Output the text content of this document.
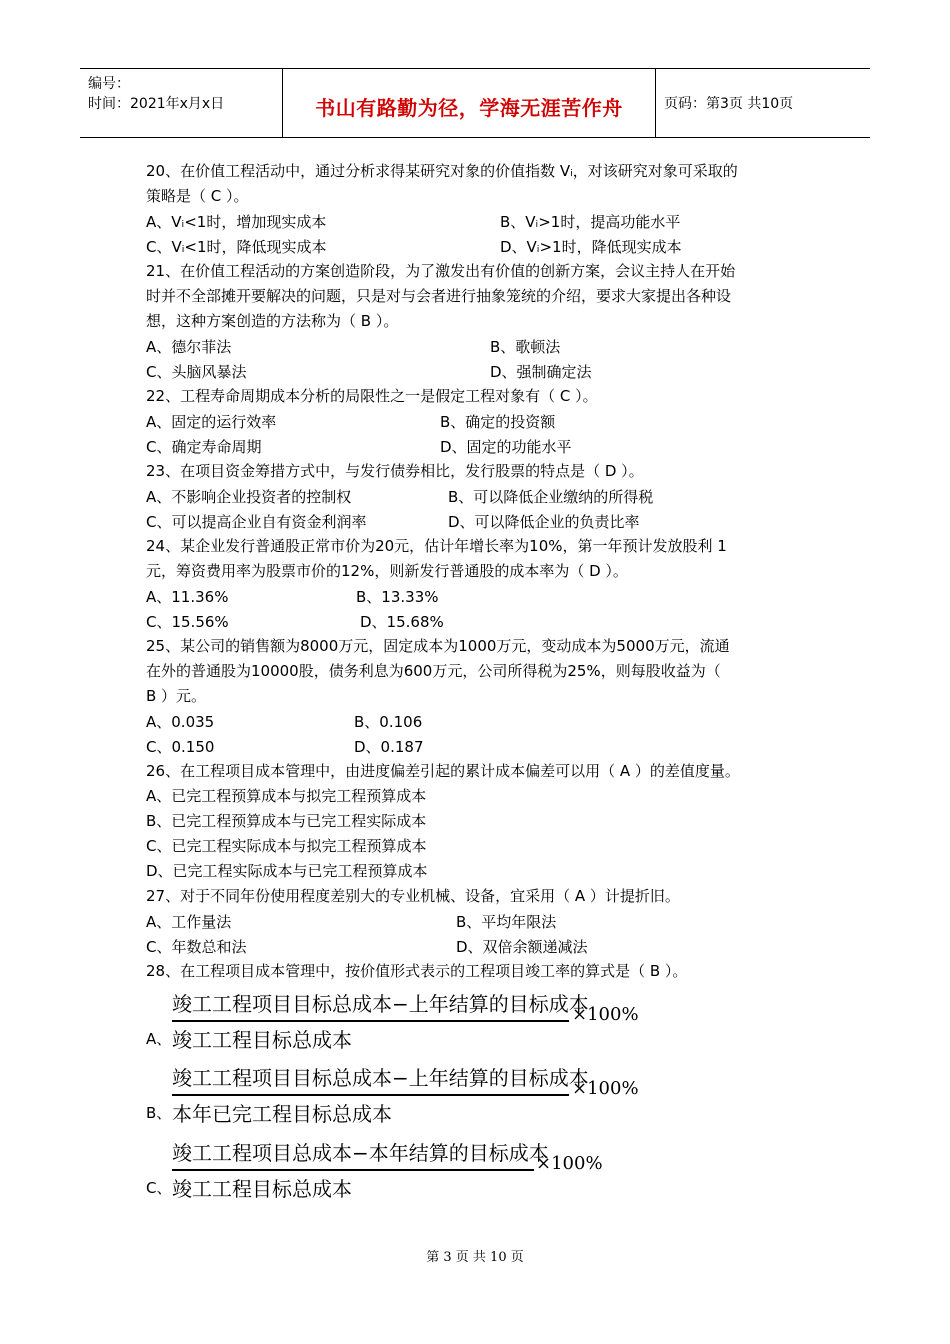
编号：
时间：2021年x月x日	书山有路勤为径，学海无涯苦作舟	页码：第3页 共10页
20、在价值工程活动中，通过分析求得某研究对象的价值指数 Vᵢ，对该研究对象可采取的
策略是（ C ）。
A、Vᵢ<1时，增加现实成本	B、Vᵢ>1时，提高功能水平
C、Vᵢ<1时，降低现实成本	D、Vᵢ>1时，降低现实成本
21、在价值工程活动的方案创造阶段，为了激发出有价值的创新方案，会议主持人在开始
时并不全部摊开要解决的问题，只是对与会者进行抽象笼统的介绍，要求大家提出各种设
想，这种方案创造的方法称为（ B ）。
A、德尔菲法	B、歌顿法
C、头脑风暴法	D、强制确定法
22、工程寿命周期成本分析的局限性之一是假定工程对象有（ C ）。
A、固定的运行效率	B、确定的投资额
C、确定寿命周期	D、固定的功能水平
23、在项目资金筹措方式中，与发行债券相比，发行股票的特点是（ D ）。
A、不影响企业投资者的控制权	B、可以降低企业缴纳的所得税
C、可以提高企业自有资金利润率	D、可以降低企业的负责比率
24、某企业发行普通股正常市价为20元，估计年增长率为10%，第一年预计发放股利 1
元，筹资费用率为股票市价的12%，则新发行普通股的成本率为（ D ）。
A、11.36%	B、13.33%
C、15.56%	D、15.68%
25、某公司的销售额为8000万元，固定成本为1000万元，变动成本为5000万元，流通
在外的普通股为10000股，债务利息为600万元，公司所得税为25%，则每股收益为（
B ）元。
A、0.035	B、0.106
C、0.150	D、0.187
26、在工程项目成本管理中，由进度偏差引起的累计成本偏差可以用（ A ）的差值度量。
A、已完工程预算成本与拟完工程预算成本
B、已完工程预算成本与已完工程实际成本
C、已完工程实际成本与拟完工程预算成本
D、已完工程实际成本与已完工程预算成本
27、对于不同年份使用程度差别大的专业机械、设备，宜采用（ A ）计提折旧。
A、工作量法	B、平均年限法
C、年数总和法	D、双倍余额递减法
28、在工程项目成本管理中，按价值形式表示的工程项目竣工率的算式是（ B ）。
A、
竣工工程项目目标总成本−上年结算的目标成本
竣工工程目标总成本
×100%
B、
竣工工程项目目标总成本−上年结算的目标成本
本年已完工程目标总成本
×100%
C、
竣工工程项目总成本−本年结算的目标成本
竣工工程目标总成本
×100%
第 3 页 共 10 页
